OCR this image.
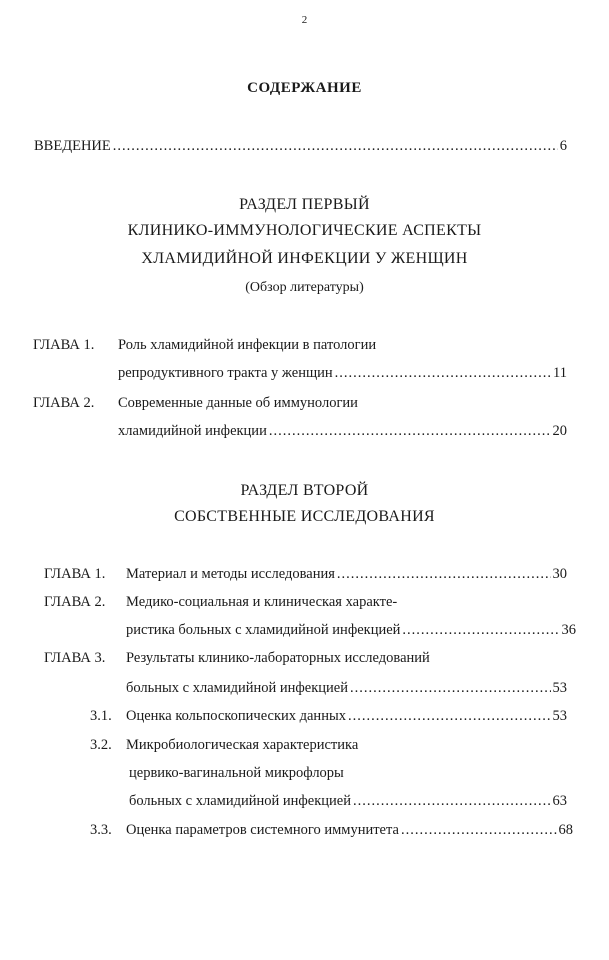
2
СОДЕРЖАНИЕ
ВВЕДЕНИЕ .....	6
РАЗДЕЛ ПЕРВЫЙ
КЛИНИКО-ИММУНОЛОГИЧЕСКИЕ АСПЕКТЫ
ХЛАМИДИЙНОЙ ИНФЕКЦИИ У ЖЕНЩИН
(Обзор литературы)
ГЛАВА 1. Роль хламидийной инфекции в патологии
репродуктивного тракта у женщин .....	11
ГЛАВА 2. Современные данные об иммунологии
хламидийной инфекции .....	20
РАЗДЕЛ ВТОРОЙ
СОБСТВЕННЫЕ ИССЛЕДОВАНИЯ
ГЛАВА 1. Материал и методы исследования .....	30
ГЛАВА 2. Медико-социальная и клиническая характе-
ристика больных с хламидийной инфекцией .....	36
ГЛАВА 3. Результаты клинико-лабораторных исследований
больных с хламидийной инфекцией .....	53
3.1. Оценка кольпоскопических данных .....	53
3.2. Микробиологическая характеристика
цервико-вагинальной микрофлоры
больных с хламидийной инфекцией .....	63
3.3. Оценка параметров системного иммунитета .....	68
